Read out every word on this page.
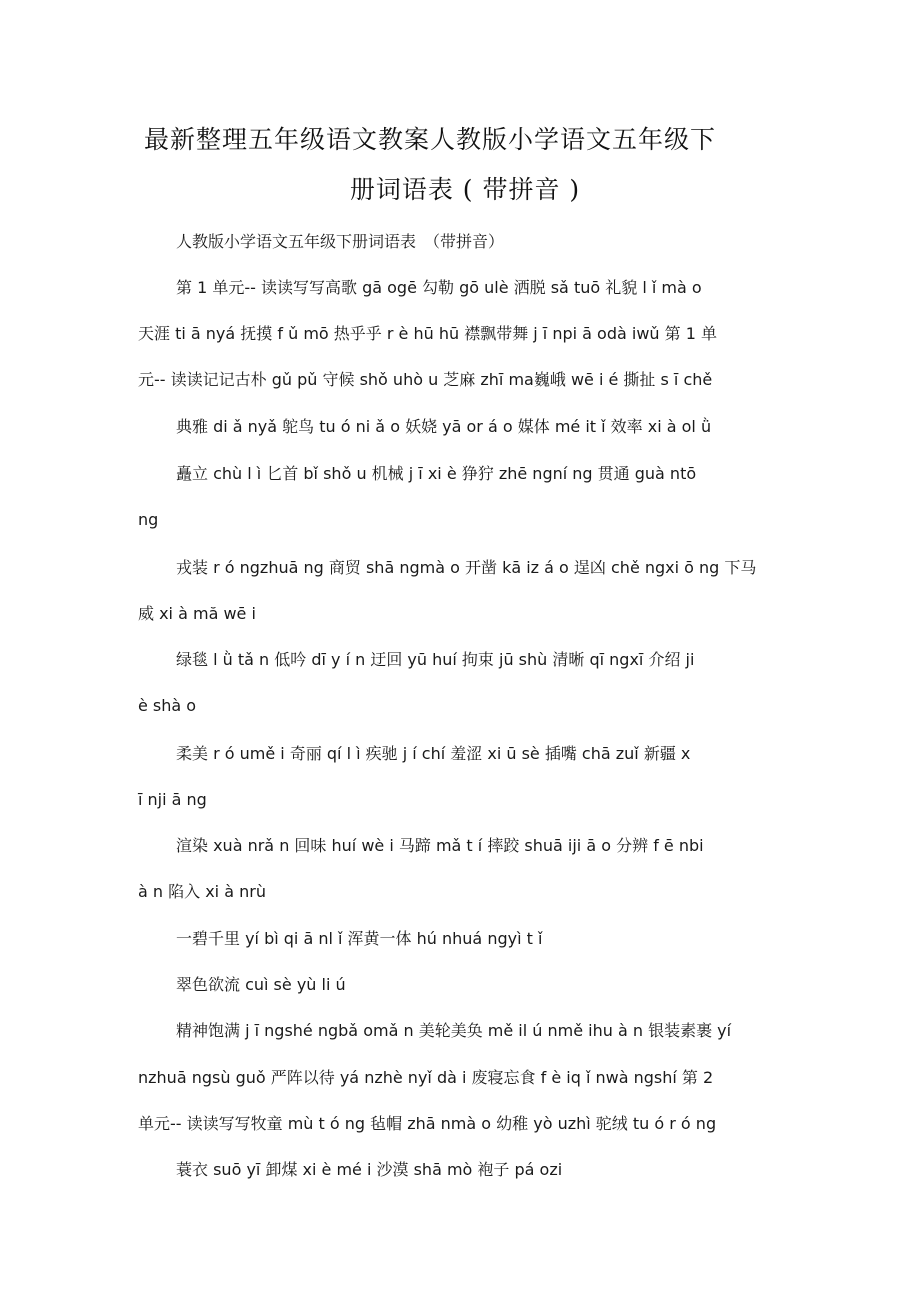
最新整理五年级语文教案人教版小学语文五年级下
册词语表 ( 带拼音 )
人教版小学语文五年级下册词语表　（带拼音）
第 1 单元-- 读读写写高歌 gā ogē 勾勒 gō ulè 洒脱 sǎ tuō 礼貌 l ǐ mà o
天涯 ti ā nyá 抚摸 f ǔ mō 热乎乎 r è hū hū 襟飘带舞 j ī npi ā odà iwǔ 第 1 单
元-- 读读记记古朴 gǔ pǔ 守候 shǒ uhò u 芝麻 zhī ma巍峨 wē i é 撕扯 s ī chě
典雅 di ǎ nyǎ 鸵鸟 tu ó ni ǎ o 妖娆 yā or á o 媒体 mé it ǐ 效率 xi à ol ǜ
矗立 chù l ì 匕首 bǐ shǒ u 机械 j ī xi è 狰狞 zhē ngní ng 贯通 guà ntō
ng
戎装 r ó ngzhuā ng 商贸 shā ngmà o 开凿 kā iz á o 逞凶 chě ngxi ō ng 下马
威 xi à mă wē i
绿毯 l ǜ tǎ n 低吟 dī y í n 迂回 yū huí 拘束 jū shù 清晰 qī ngxī 介绍 ji
è shà o
柔美 r ó umě i 奇丽 qí l ì 疾驰 j í chí 羞涩 xi ū sè 插嘴 chā zuǐ 新疆 x
ī nji ā ng
渲染 xuà nrǎ n 回味 huí wè i 马蹄 mǎ t í 摔跤 shuā iji ā o 分辨 f ē nbi
à n 陷入 xi à nrù
一碧千里 yí bì qi ā nl ǐ 浑黄一体 hú nhuá ngyì t ǐ
翠色欲流 cuì sè yù li ú
精神饱满 j ī ngshé ngbǎ omǎ n 美轮美奂 mě il ú nmě ihu à n 银装素裹 yí
nzhuā ngsù guǒ 严阵以待 yá nzhè nyǐ dà i 废寝忘食 f è iq ǐ nwà ngshí 第 2
单元-- 读读写写牧童 mù t ó ng 毡帽 zhā nmà o 幼稚 yò uzhì 驼绒 tu ó r ó ng
蓑衣 suō yī 卸煤 xi è mé i 沙漠 shā mò 袍子 pá ozi
